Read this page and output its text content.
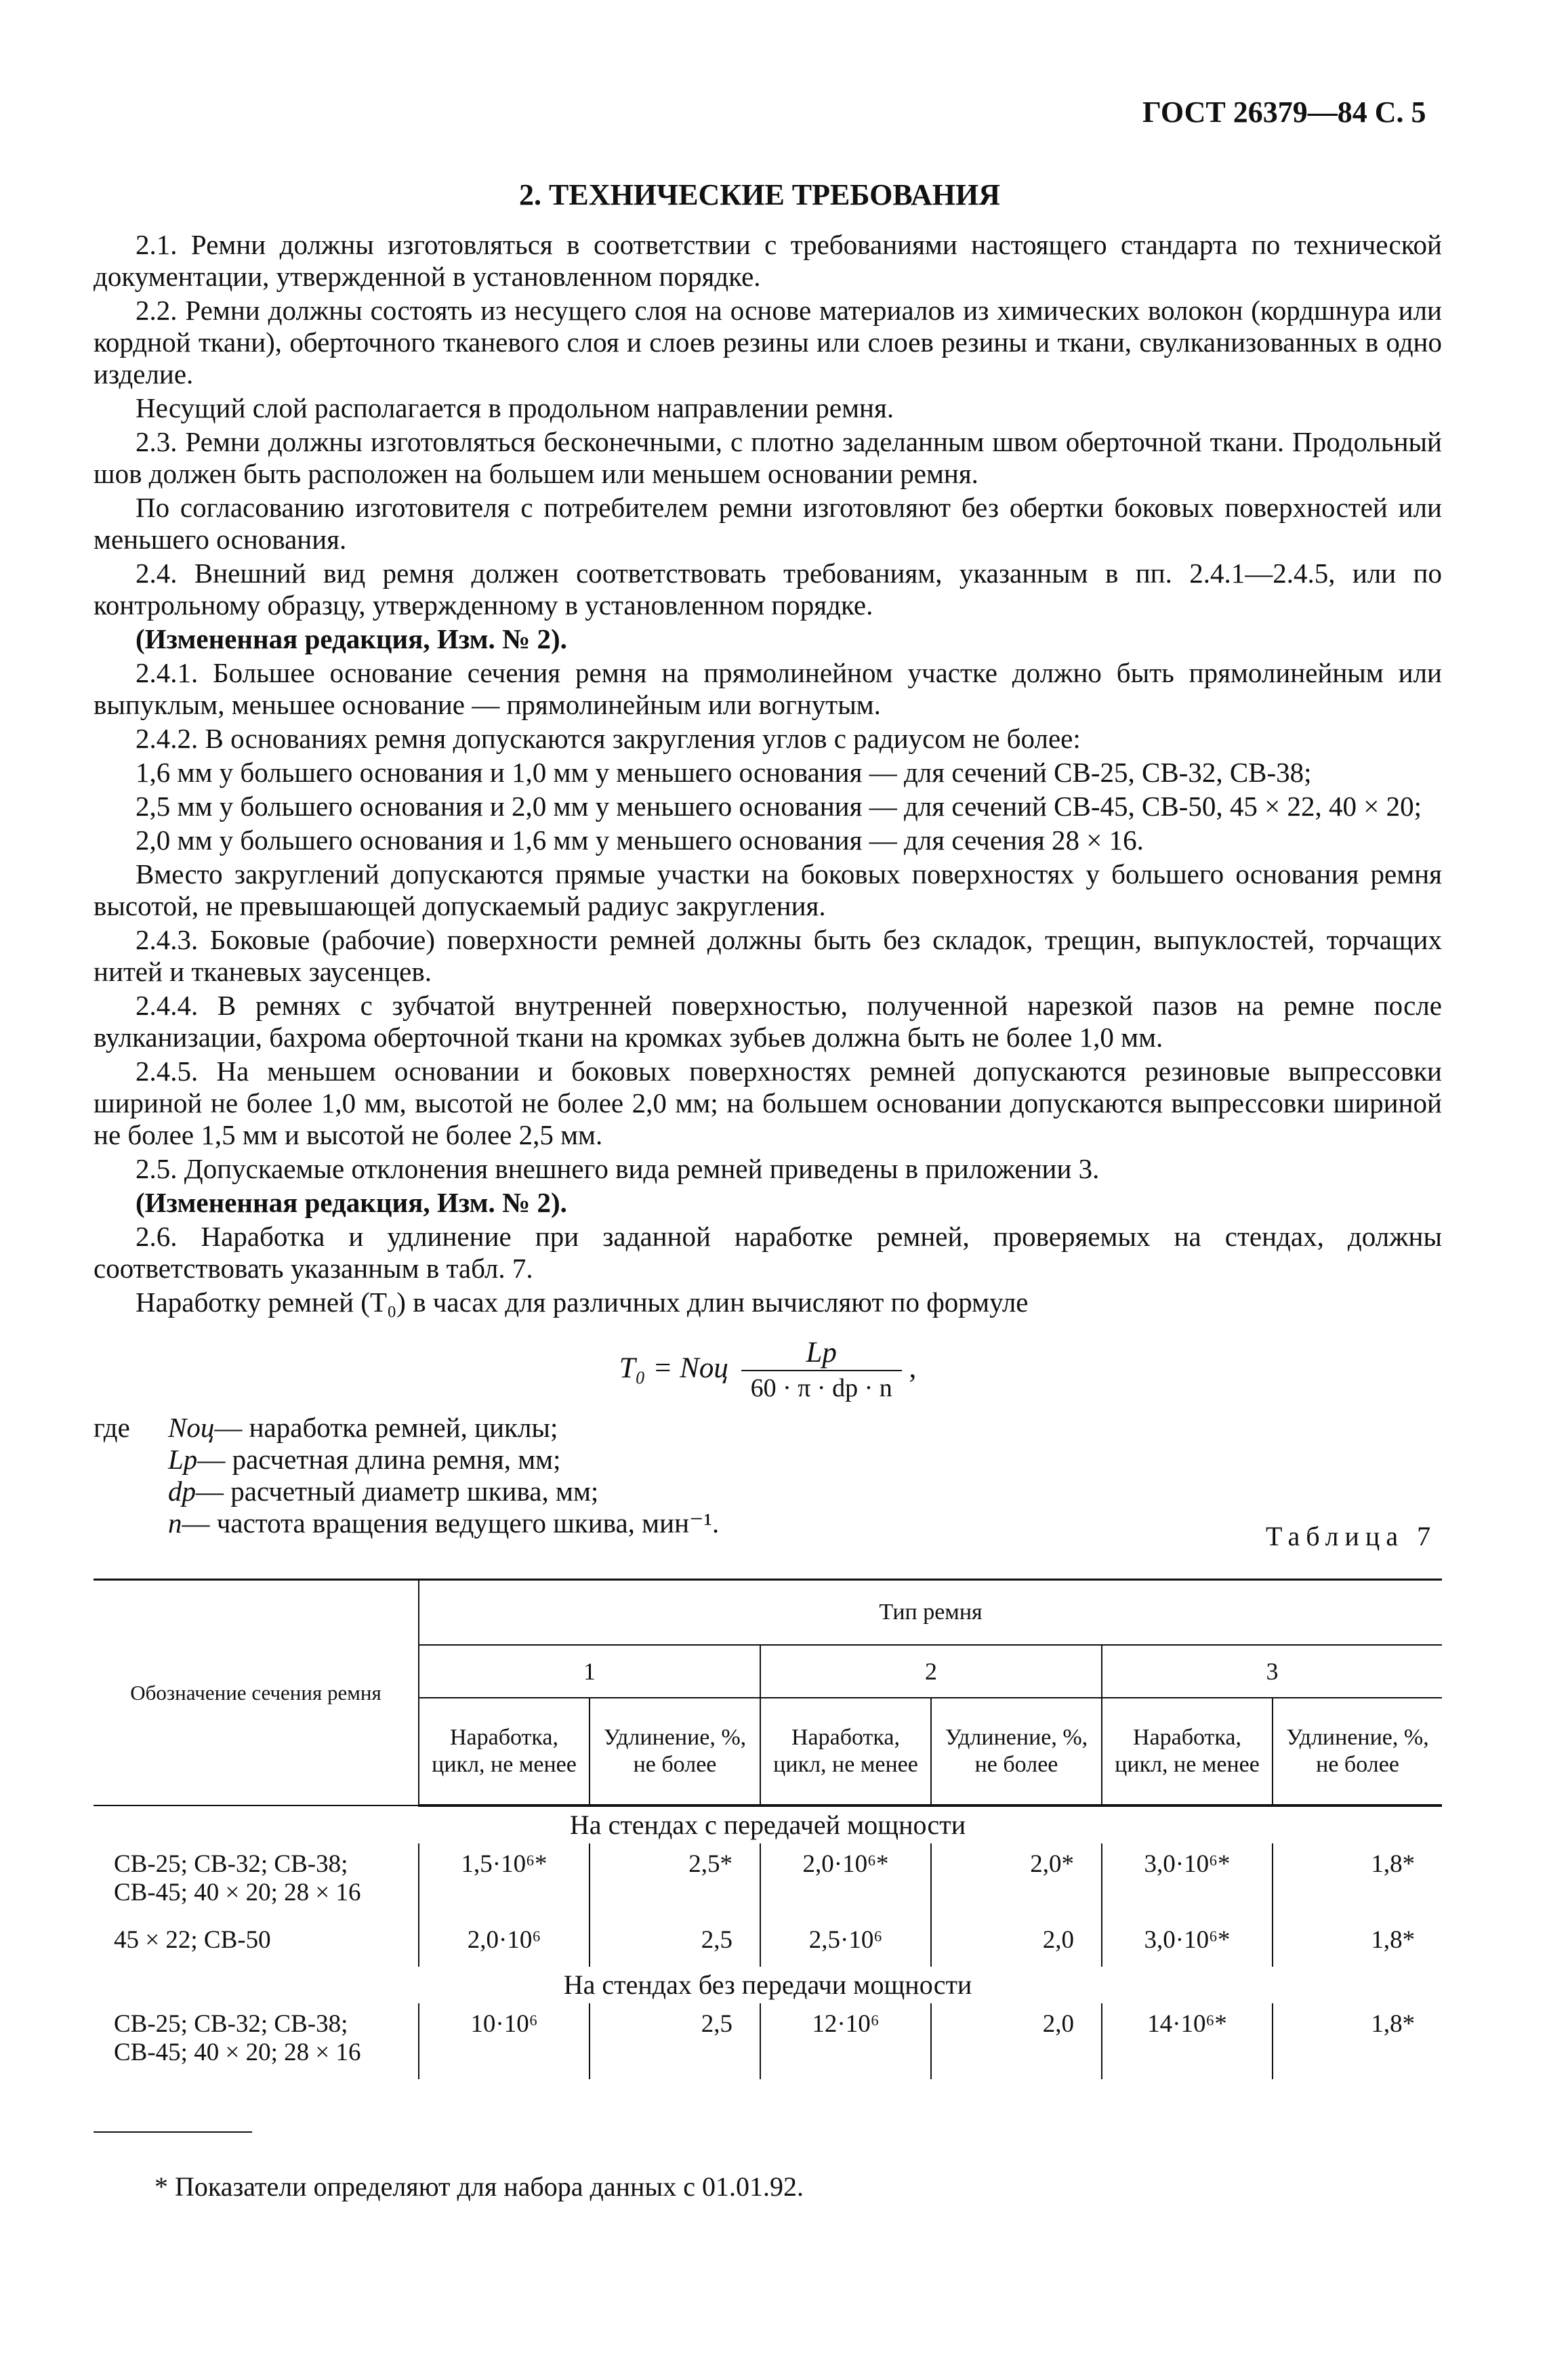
ГОСТ 26379—84 С. 5
2. ТЕХНИЧЕСКИЕ ТРЕБОВАНИЯ

2.1. Ремни должны изготовляться в соответствии с требованиями настоящего стандарта по технической документации, утвержденной в установленном порядке.

2.2. Ремни должны состоять из несущего слоя на основе материалов из химических волокон (кордшнура или кордной ткани), оберточного тканевого слоя и слоев резины или слоев резины и ткани, свулканизованных в одно изделие.

Несущий слой располагается в продольном направлении ремня.

2.3. Ремни должны изготовляться бесконечными, с плотно заделанным швом оберточной ткани. Продольный шов должен быть расположен на большем или меньшем основании ремня.

По согласованию изготовителя с потребителем ремни изготовляют без обертки боковых поверхностей или меньшего основания.

2.4. Внешний вид ремня должен соответствовать требованиям, указанным в пп. 2.4.1—2.4.5, или по контрольному образцу, утвержденному в установленном порядке.

(Измененная редакция, Изм. № 2).

2.4.1. Большее основание сечения ремня на прямолинейном участке должно быть прямолинейным или выпуклым, меньшее основание — прямолинейным или вогнутым.

2.4.2. В основаниях ремня допускаются закругления углов с радиусом не более:

1,6 мм у большего основания и 1,0 мм у меньшего основания — для сечений СВ-25, СВ-32, СВ-38;

2,5 мм у большего основания и 2,0 мм у меньшего основания — для сечений СВ-45, СВ-50, 45 × 22, 40 × 20;

2,0 мм у большего основания и 1,6 мм у меньшего основания — для сечения 28 × 16.

Вместо закруглений допускаются прямые участки на боковых поверхностях у большего основания ремня высотой, не превышающей допускаемый радиус закругления.

2.4.3. Боковые (рабочие) поверхности ремней должны быть без складок, трещин, выпуклостей, торчащих нитей и тканевых заусенцев.

2.4.4. В ремнях с зубчатой внутренней поверхностью, полученной нарезкой пазов на ремне после вулканизации, бахрома оберточной ткани на кромках зубьев должна быть не более 1,0 мм.

2.4.5. На меньшем основании и боковых поверхностях ремней допускаются резиновые выпрессовки шириной не более 1,0 мм, высотой не более 2,0 мм; на большем основании допускаются выпрессовки шириной не более 1,5 мм и высотой не более 2,5 мм.

2.5. Допускаемые отклонения внешнего вида ремней приведены в приложении 3.

(Измененная редакция, Изм. № 2).

2.6. Наработка и удлинение при заданной наработке ремней, проверяемых на стендах, должны соответствовать указанным в табл. 7.

Наработку ремней (T₀) в часах для различных длин вычисляют по формуле

T₀ = Nоц $\frac{Lр}{60 \cdot \pi \cdot dр \cdot n}$ ,
где	Nоц — наработка ремней, циклы;
Lр — расчетная длина ремня, мм;
dр — расчетный диаметр шкива, мм;
n — частота вращения ведущего шкива, мин⁻¹.	Таблица 7
Обозначение сечения ремня	Тип ремня					
	1		2		3	
	Наработка, цикл, не менее	Удлинение, %, не более	Наработка, цикл, не менее	Удлинение, %, не более	Наработка, цикл, не менее	Удлинение, %, не более
На стендах с передачей мощности						
СВ-25; СВ-32; СВ-38; СВ-45; 40 × 20; 28 × 16	1,5·10⁶*	2,5*	2,0·10⁶*	2,0*	3,0·10⁶*	1,8*
45 × 22; СВ-50	2,0·10⁶	2,5	2,5·10⁶	2,0	3,0·10⁶*	1,8*
На стендах без передачи мощности						
СВ-25; СВ-32; СВ-38; СВ-45; 40 × 20; 28 × 16	10·10⁶	2,5	12·10⁶	2,0	14·10⁶*	1,8*
* Показатели определяют для набора данных с 01.01.92.
